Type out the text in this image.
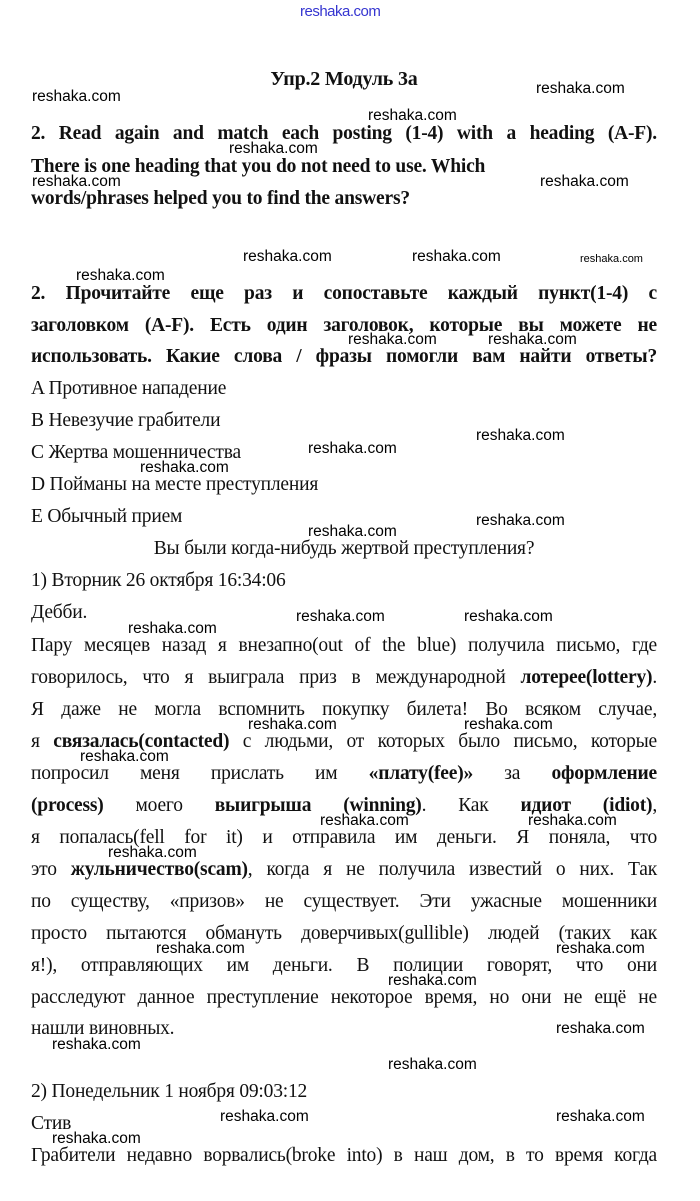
Упр.2 Модуль 3а
2. Read again and match each posting (1-4) with a heading (A-F).
There is one heading that you do not need to use. Which
words/phrases helped you to find the answers?
2. Прочитайте еще раз и сопоставьте каждый пункт(1-4) с
заголовком (A-F). Есть один заголовок, которые вы можете не
использовать. Какие слова / фразы помогли вам найти ответы?
A Противное нападение
B Невезучие грабители
C Жертва мошенничества
D Пойманы на месте преступления
E Обычный прием
Вы были когда-нибудь жертвой преступления?
1) Вторник 26 октября 16:34:06
Дебби.
Пару месяцев назад я внезапно(out of the blue) получила письмо, где
говорилось, что я выиграла приз в международной лотерее(lottery).
Я даже не могла вспомнить покупку билета! Во всяком случае,
я связалась(contacted) с людьми, от которых было письмо, которые
попросил меня прислать им «плату(fee)» за оформление
(process) моего выигрыша (winning). Как идиот (idiot),
я попалась(fell for it) и отправила им деньги. Я поняла, что
это жульничество(scam), когда я не получила известий о них. Так
по существу, «призов» не существует. Эти ужасные мошенники
просто пытаются обмануть доверчивых(gullible) людей (таких как
я!), отправляющих им деньги. В полиции говорят, что они
расследуют данное преступление некоторое время, но они не ещё не
нашли виновных.
2) Понедельник 1 ноября 09:03:12
Стив
Грабители недавно ворвались(broke into) в наш дом, в то время когда
reshaka.com
reshaka.com	reshaka.com
reshaka.com
reshaka.com
reshaka.com	reshaka.com
reshaka.com	reshaka.com	reshaka.com
reshaka.com
reshaka.com	reshaka.com
reshaka.com
reshaka.com
reshaka.com
reshaka.com
reshaka.com
reshaka.com	reshaka.com
reshaka.com
reshaka.com	reshaka.com
reshaka.com
reshaka.com	reshaka.com
reshaka.com
reshaka.com	reshaka.com
reshaka.com
reshaka.com
reshaka.com
reshaka.com
reshaka.com	reshaka.com
reshaka.com
